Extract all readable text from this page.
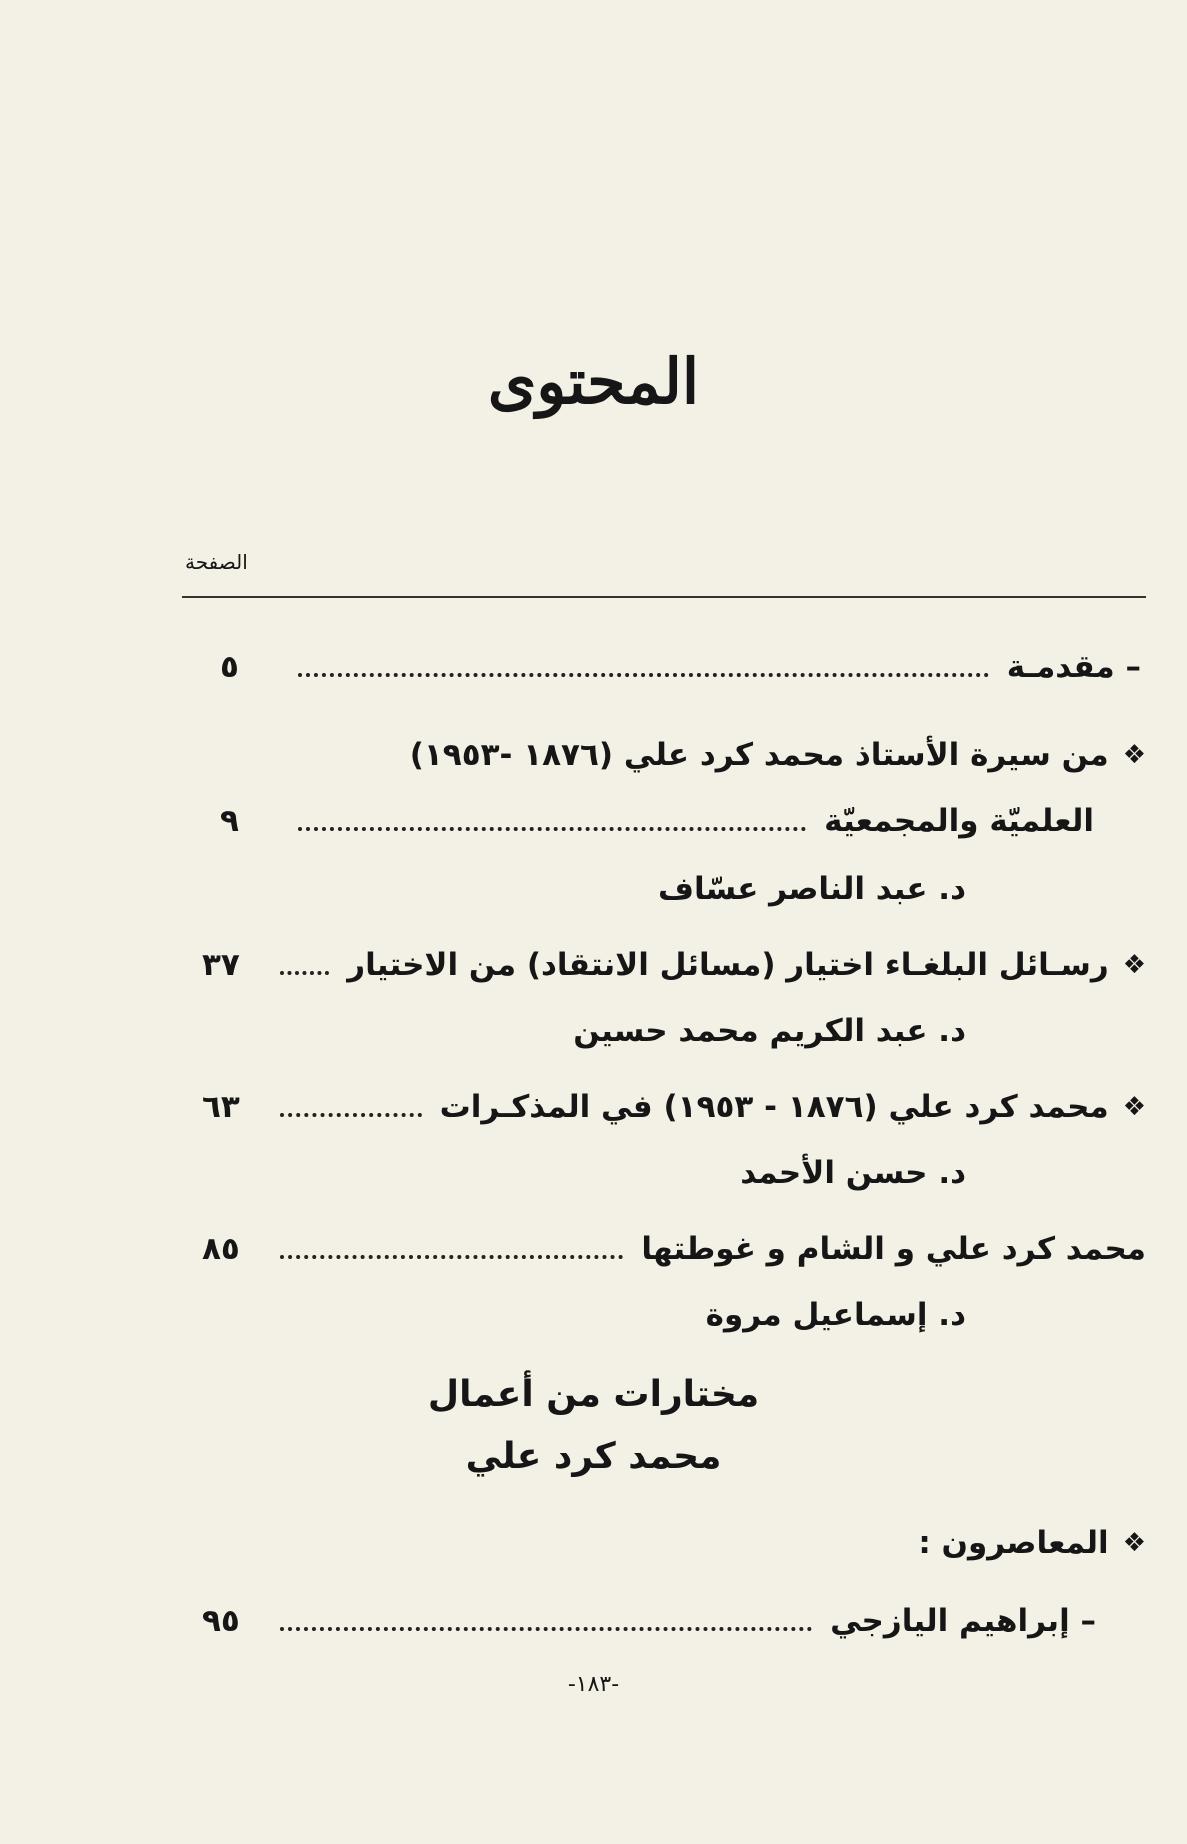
المحتوى
الصفحة
– مقدمـة
٥
❖
من سيرة الأستاذ محمد كرد علي (١٨٧٦ -١٩٥٣)
العلميّة والمجمعيّة
٩
د. عبد الناصر عسّاف
❖
رسـائل البلغـاء اختيار (مسائل الانتقاد) من الاختيار
٣٧
د. عبد الكريم محمد حسين
❖
محمد كرد علي (١٨٧٦ - ١٩٥٣) في المذكـرات
٦٣
د. حسن الأحمد
محمد كرد علي و الشام و غوطتها
٨٥
د. إسماعيل مروة
مختارات من أعمال
محمد كرد علي
❖
المعاصرون :
– إبراهيم اليازجي
٩٥
-١٨٣-
